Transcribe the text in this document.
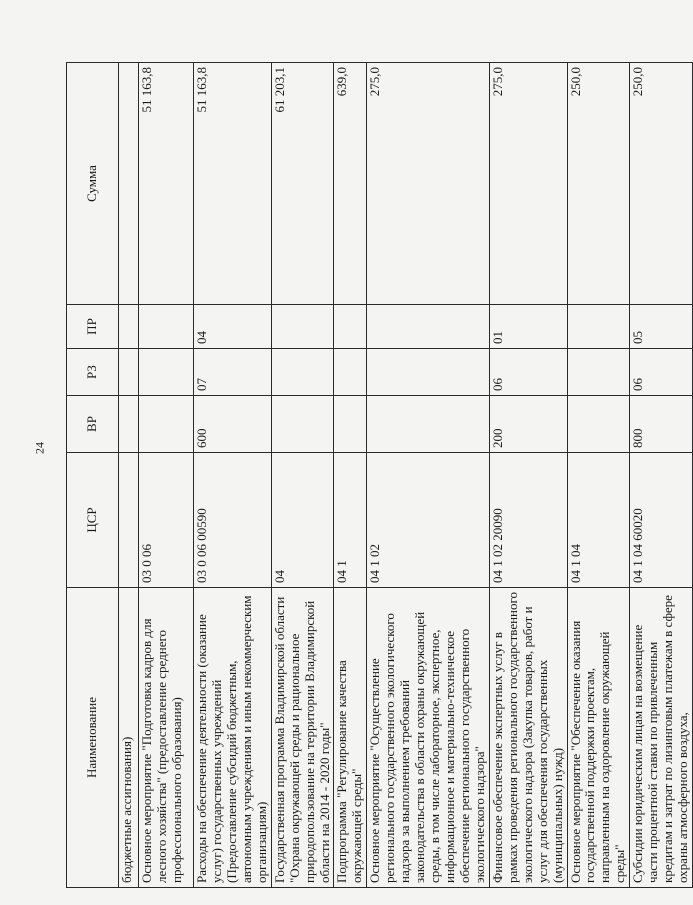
24
Наименование	ЦСР	ВР	РЗ	ПР	Сумма
бюджетные ассигнования)					
Основное мероприятие "Подготовка кадров для лесного хозяйства" (предоставление среднего профессионального образования)	03 0 06				51 163,8
Расходы на обеспечение деятельности (оказание услуг) государственных учреждений (Предоставление субсидий бюджетным, автономным учреждениям и иным некоммерческим организациям)	03 0 06 00590	600	07	04	51 163,8
Государственная программа Владимирской области "Охрана окружающей среды и рациональное природопользование на территории Владимирской области на 2014 - 2020 годы"	04				61 203,1
Подпрограмма "Регулирование качества окружающей среды"	04 1				639,0
Основное мероприятие "Осуществление регионального государственного экологического надзора за выполнением требований законодательства в области охраны окружающей среды, в том числе лабораторное, экспертное, информационное и материально-техническое обеспечение регионального государственного экологического надзора"	04 1 02				275,0
Финансовое обеспечение экспертных услуг в рамках проведения регионального государственного экологического надзора (Закупка товаров, работ и услуг для обеспечения государственных (муниципальных) нужд)	04 1 02 20090	200	06	01	275,0
Основное мероприятие "Обеспечение оказания государственной поддержки проектам, направленным на оздоровление окружающей среды"	04 1 04				250,0
Субсидии юридическим лицам на возмещение части процентной ставки по привлеченным кредитам и затрат по лизинговым платежам в сфере охраны атмосферного воздуха,	04 1 04 60020	800	06	05	250,0
